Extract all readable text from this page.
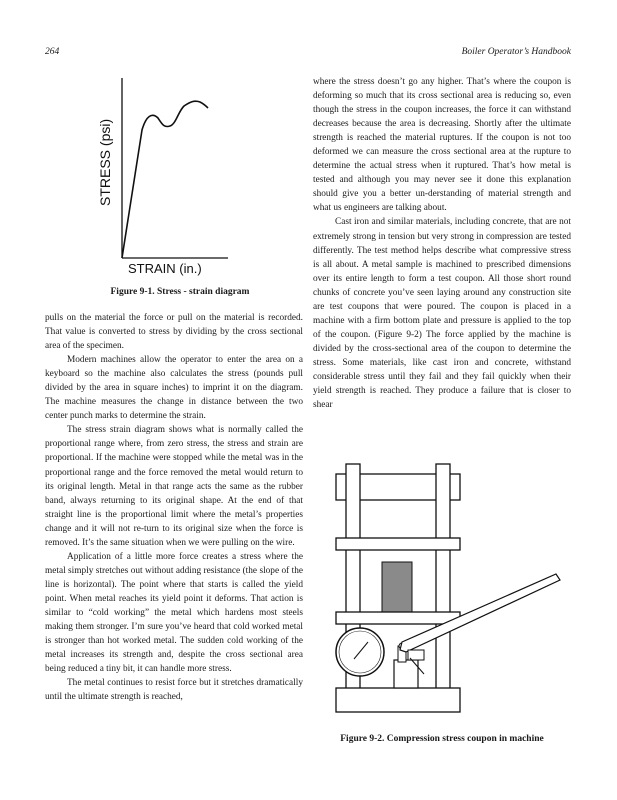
264	Boiler Operator’s Handbook
STRESS (psi)
STRAIN (in.)
Figure 9-1. Stress - strain diagram

pulls on the material the force or pull on the material is recorded. That value is converted to stress by dividing by the cross sectional area of the specimen.

Modern machines allow the operator to enter the area on a keyboard so the machine also calculates the stress (pounds pull divided by the area in square inches) to imprint it on the diagram. The machine measures the change in distance between the two center punch marks to determine the strain.

The stress strain diagram shows what is normally called the proportional range where, from zero stress, the stress and strain are proportional. If the machine were stopped while the metal was in the proportional range and the force removed the metal would return to its original length. Metal in that range acts the same as the rubber band, always returning to its original shape. At the end of that straight line is the proportional limit where the metal’s properties change and it will not re-turn to its original size when the force is removed. It’s the same situation when we were pulling on the wire.

Application of a little more force creates a stress where the metal simply stretches out without adding resistance (the slope of the line is horizontal). The point where that starts is called the yield point. When metal reaches its yield point it deforms. That action is similar to “cold working” the metal which hardens most steels making them stronger. I’m sure you’ve heard that cold worked metal is stronger than hot worked metal. The sudden cold working of the metal increases its strength and, despite the cross sectional area being reduced a tiny bit, it can handle more stress.

The metal continues to resist force but it stretches dramatically until the ultimate strength is reached,

where the stress doesn’t go any higher. That’s where the coupon is deforming so much that its cross sectional area is reducing so, even though the stress in the coupon increases, the force it can withstand decreases because the area is decreasing. Shortly after the ultimate strength is reached the material ruptures. If the coupon is not too deformed we can measure the cross sectional area at the rupture to determine the actual stress when it ruptured. That’s how metal is tested and although you may never see it done this explanation should give you a better un-derstanding of material strength and what us engineers are talking about.

Cast iron and similar materials, including concrete, that are not extremely strong in tension but very strong in compression are tested differently. The test method helps describe what compressive stress is all about. A metal sample is machined to prescribed dimensions over its entire length to form a test coupon. All those short round chunks of concrete you’ve seen laying around any construction site are test coupons that were poured. The coupon is placed in a machine with a firm bottom plate and pressure is applied to the top of the coupon. (Figure 9-2) The force applied by the machine is divided by the cross-sectional area of the coupon to determine the stress. Some materials, like cast iron and concrete, withstand considerable stress until they fail and they fail quickly when their yield strength is reached. They produce a failure that is closer to shear

Figure 9-2. Compression stress coupon in machine
